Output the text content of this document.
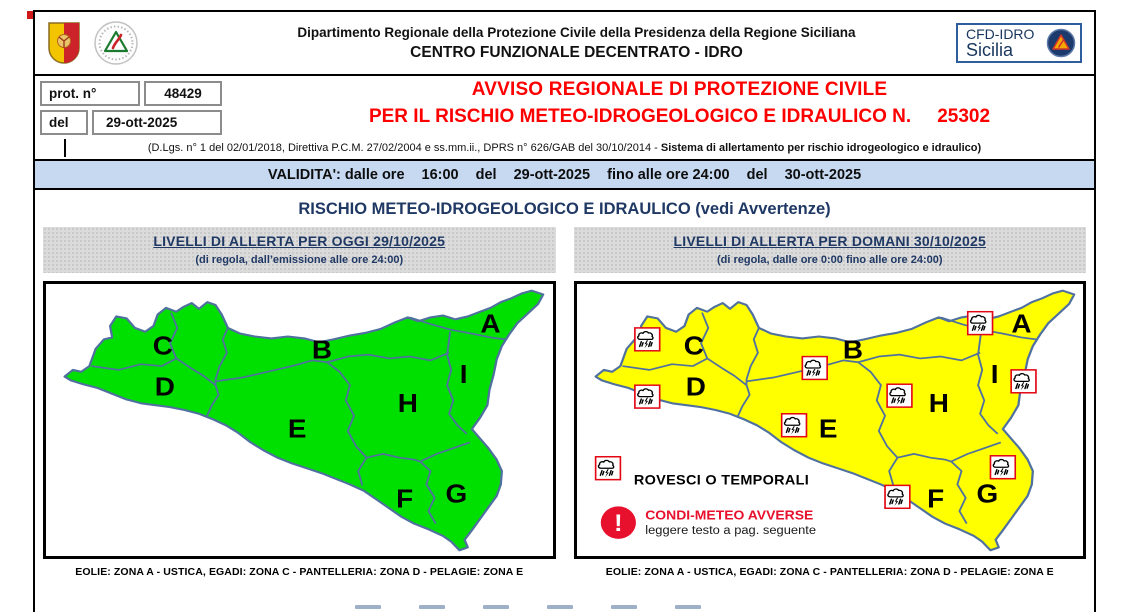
Dipartimento Regionale della Protezione Civile della Presidenza della Regione Siciliana
CENTRO FUNZIONALE DECENTRATO - IDRO
CFD-IDRO
Sicilia
prot. n°	48429
del	29-ott-2025
AVVISO REGIONALE DI PROTEZIONE CIVILE
PER IL RISCHIO METEO-IDROGEOLOGICO E IDRAULICO N. 25302
(D.Lgs. n° 1 del 02/01/2018, Direttiva P.C.M. 27/02/2004 e ss.mm.ii., DPRS n° 626/GAB del 30/10/2014 - Sistema di allertamento per rischio idrogeologico e idraulico)
VALIDITA': dalle ore 16:00 del 29-ott-2025 fino alle ore 24:00 del 30-ott-2025
RISCHIO METEO-IDROGEOLOGICO E IDRAULICO (vedi Avvertenze)
LIVELLI DI ALLERTA PER OGGI 29/10/2025
(di regola, dall’emissione alle ore 24:00)
A
B
C
D
E
F G
H
I
EOLIE: ZONA A - USTICA, EGADI: ZONA C - PANTELLERIA: ZONA D - PELAGIE: ZONA E
LIVELLI DI ALLERTA PER DOMANI 30/10/2025
(di regola, dalle ore 0:00 fino alle ore 24:00)
A
B
C
D
E
F G
H
I
ROVESCI O TEMPORALI
! CONDI-METEO AVVERSE
leggere testo a pag. seguente
EOLIE: ZONA A - USTICA, EGADI: ZONA C - PANTELLERIA: ZONA D - PELAGIE: ZONA E
